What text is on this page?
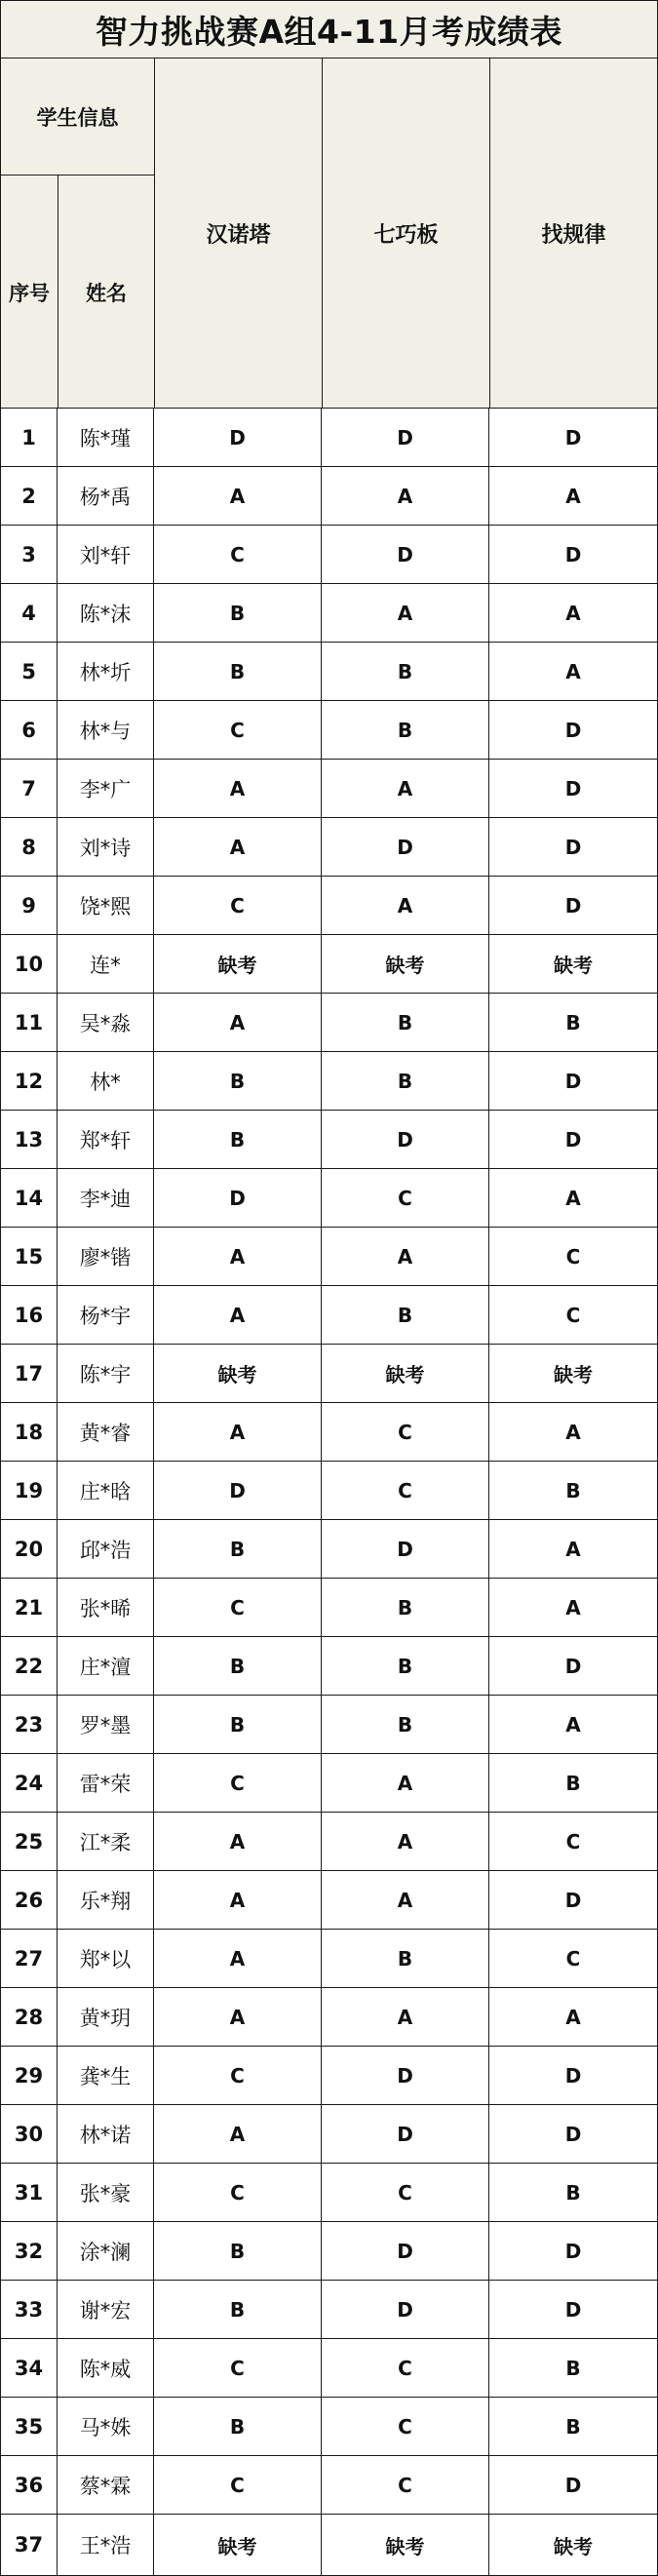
智力挑战赛A组4-11月考成绩表
学生信息
序号	姓名
汉诺塔	七巧板	找规律
1	陈*瑾	D	D	D
2	杨*禹	A	A	A
3	刘*轩	C	D	D
4	陈*沫	B	A	A
5	林*圻	B	B	A
6	林*与	C	B	D
7	李*广	A	A	D
8	刘*诗	A	D	D
9	饶*熙	C	A	D
10	连*	缺考	缺考	缺考
11	吴*淼	A	B	B
12	林*	B	B	D
13	郑*轩	B	D	D
14	李*迪	D	C	A
15	廖*锴	A	A	C
16	杨*宇	A	B	C
17	陈*宇	缺考	缺考	缺考
18	黄*睿	A	C	A
19	庄*晗	D	C	B
20	邱*浩	B	D	A
21	张*晞	C	B	A
22	庄*澶	B	B	D
23	罗*墨	B	B	A
24	雷*荣	C	A	B
25	江*柔	A	A	C
26	乐*翔	A	A	D
27	郑*以	A	B	C
28	黄*玥	A	A	A
29	龚*生	C	D	D
30	林*诺	A	D	D
31	张*豪	C	C	B
32	涂*澜	B	D	D
33	谢*宏	B	D	D
34	陈*威	C	C	B
35	马*姝	B	C	B
36	蔡*霖	C	C	D
37	王*浩	缺考	缺考	缺考
